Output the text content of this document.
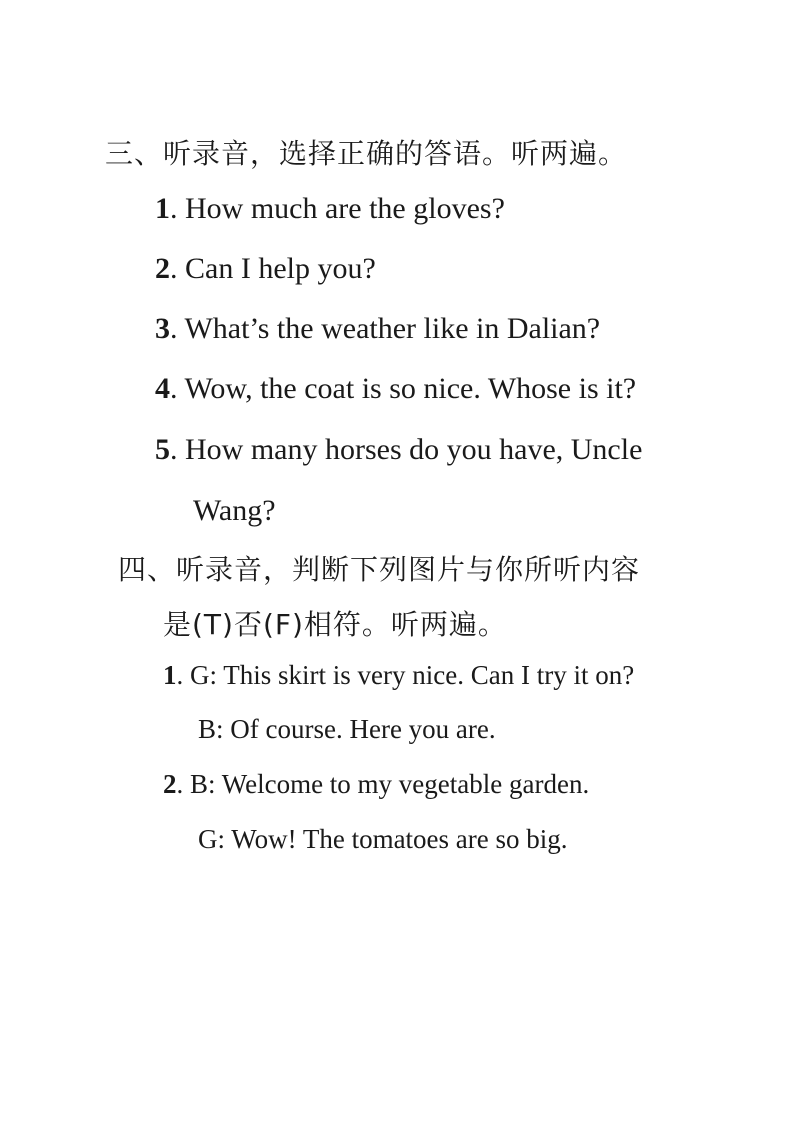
三、听录音，选择正确的答语。听两遍。
1. How much are the gloves?
2. Can I help you?
3. What’s the weather like in Dalian?
4. Wow, the coat is so nice. Whose is it?
5. How many horses do you have, Uncle
Wang?
四、听录音，判断下列图片与你所听内容
是(T)否(F)相符。听两遍。
1. G: This skirt is very nice. Can I try it on?
B: Of course. Here you are.
2. B: Welcome to my vegetable garden.
G: Wow! The tomatoes are so big.
